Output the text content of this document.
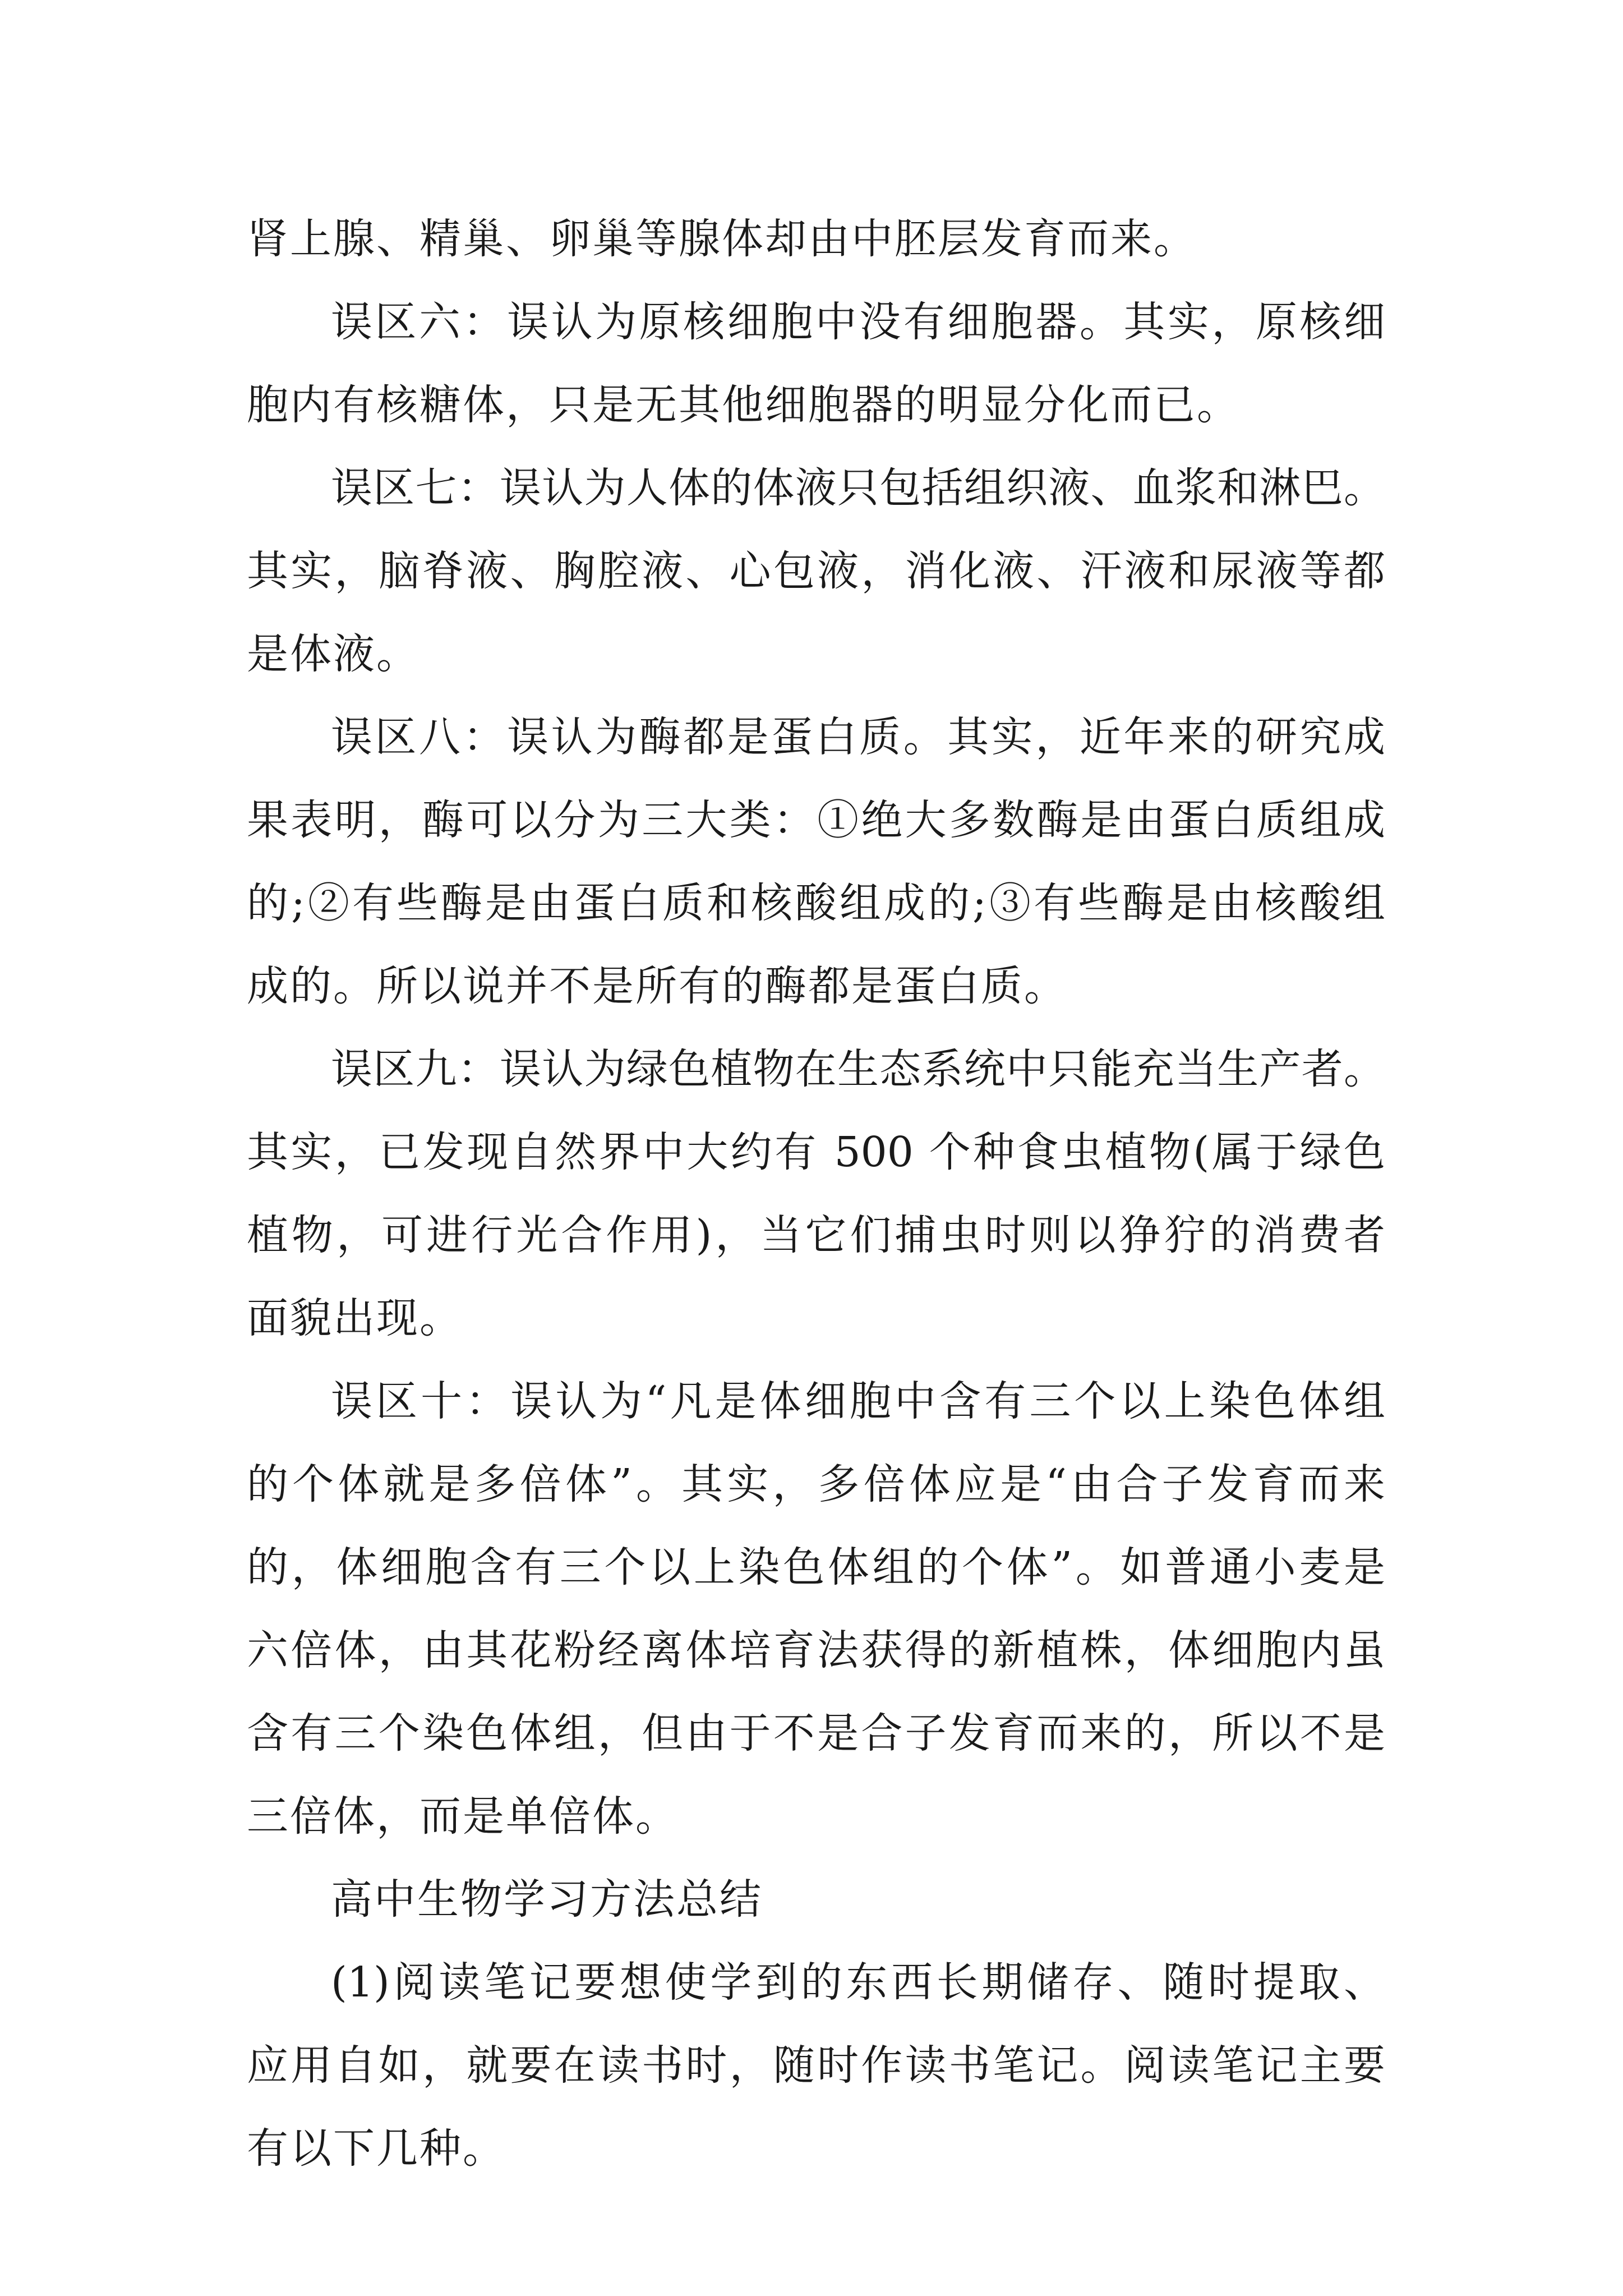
肾上腺、精巢、卵巢等腺体却由中胚层发育而来。
误区六：误认为原核细胞中没有细胞器。其实，原核细
胞内有核糖体，只是无其他细胞器的明显分化而已。
误区七：误认为人体的体液只包括组织液、血浆和淋巴。
其实，脑脊液、胸腔液、心包液，消化液、汗液和尿液等都
是体液。
误区八：误认为酶都是蛋白质。其实，近年来的研究成
果表明，酶可以分为三大类：①绝大多数酶是由蛋白质组成
的;②有些酶是由蛋白质和核酸组成的;③有些酶是由核酸组
成的。所以说并不是所有的酶都是蛋白质。
误区九：误认为绿色植物在生态系统中只能充当生产者。
其实，已发现自然界中大约有 500 个种食虫植物(属于绿色
植物，可进行光合作用)，当它们捕虫时则以狰狞的消费者
面貌出现。
误区十：误认为“凡是体细胞中含有三个以上染色体组
的个体就是多倍体”。其实，多倍体应是“由合子发育而来
的，体细胞含有三个以上染色体组的个体”。如普通小麦是
六倍体，由其花粉经离体培育法获得的新植株，体细胞内虽
含有三个染色体组，但由于不是合子发育而来的，所以不是
三倍体，而是单倍体。
高中生物学习方法总结
(1)阅读笔记要想使学到的东西长期储存、随时提取、
应用自如，就要在读书时，随时作读书笔记。阅读笔记主要
有以下几种。
